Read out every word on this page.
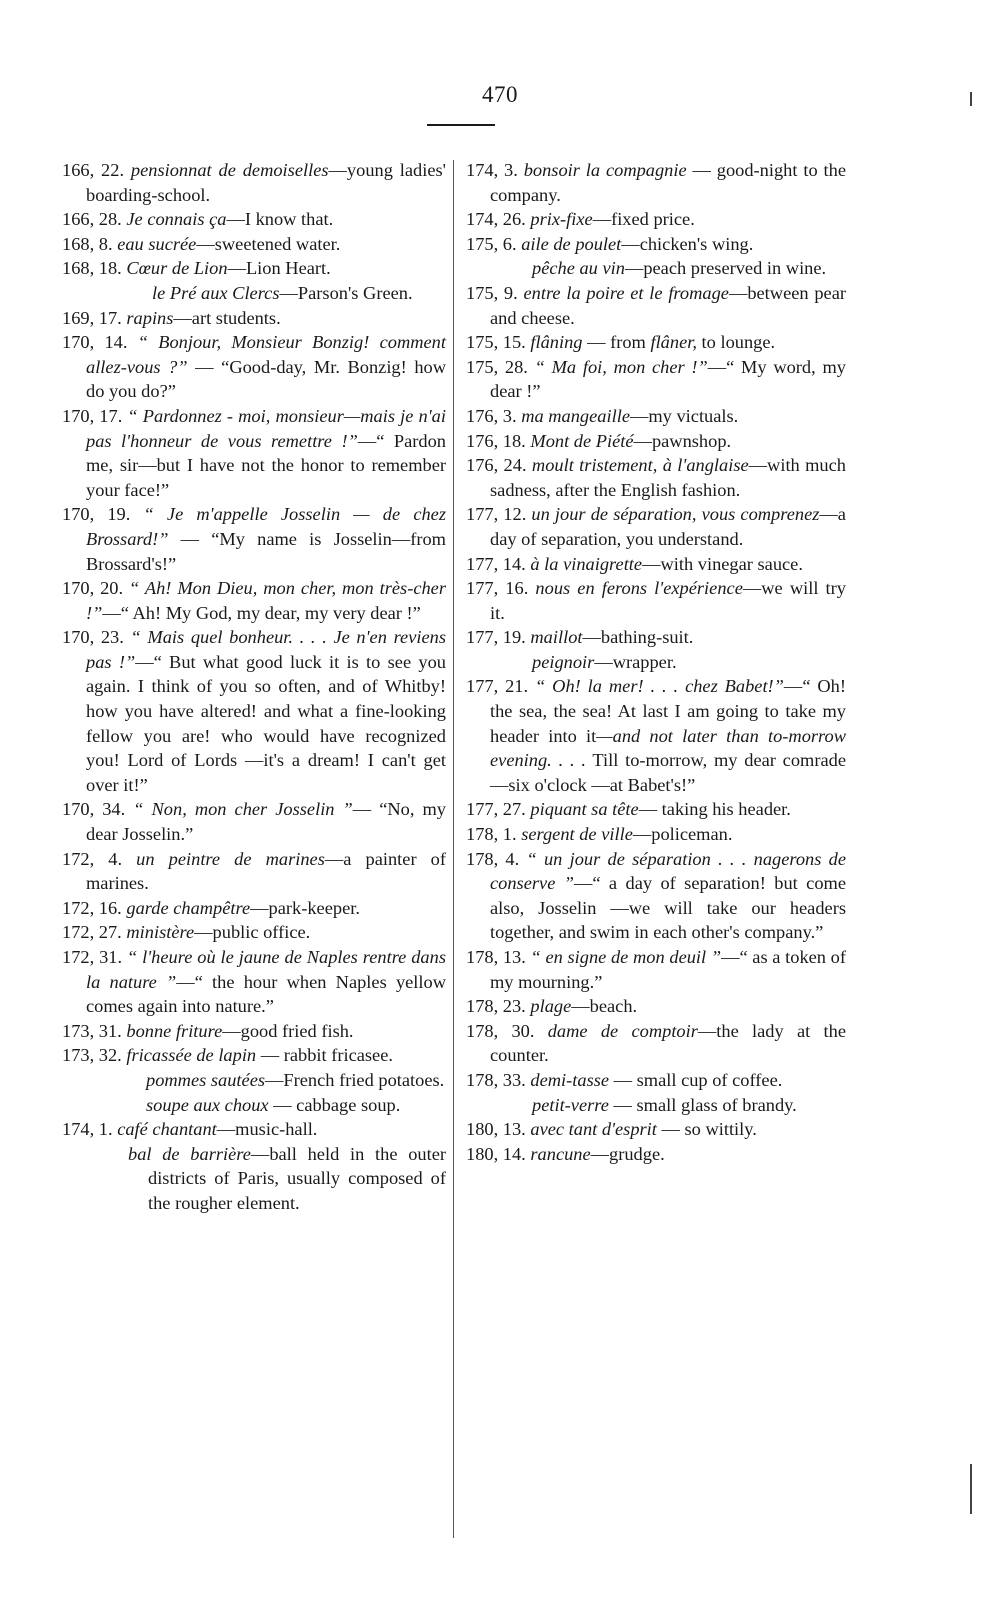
470

166, 22. pensionnat de demoiselles—young ladies' boarding-school.

166, 28. Je connais ça—I know that.

168, 8. eau sucrée—sweetened water.

168, 18. Cœur de Lion—Lion Heart.

le Pré aux Clercs—Parson's Green.

169, 17. rapins—art students.

170, 14. “ Bonjour, Monsieur Bonzig! comment allez-vous ?” — “Good-day, Mr. Bonzig! how do you do?”

170, 17. “ Pardonnez - moi, monsieur—mais je n'ai pas l'honneur de vous remettre !”—“ Pardon me, sir—but I have not the honor to remember your face!”

170, 19. “ Je m'appelle Josselin — de chez Brossard!” — “My name is Josselin—from Brossard's!”

170, 20. “ Ah! Mon Dieu, mon cher, mon très-cher !”—“ Ah! My God, my dear, my very dear !”

170, 23. “ Mais quel bonheur. . . . Je n'en reviens pas !”—“ But what good luck it is to see you again. I think of you so often, and of Whitby! how you have altered! and what a fine-looking fellow you are! who would have recognized you! Lord of Lords —it's a dream! I can't get over it!”

170, 34. “ Non, mon cher Josselin ”— “No, my dear Josselin.”

172, 4. un peintre de marines—a painter of marines.

172, 16. garde champêtre—park-keeper.

172, 27. ministère—public office.

172, 31. “ l'heure où le jaune de Naples rentre dans la nature ”—“ the hour when Naples yellow comes again into nature.”

173, 31. bonne friture—good fried fish.

173, 32. fricassée de lapin — rabbit fricasee.

pommes sautées—French fried potatoes.

soupe aux choux — cabbage soup.

174, 1. café chantant—music-hall.

bal de barrière—ball held in the outer districts of Paris, usually composed of the rougher element.

174, 3. bonsoir la compagnie — good-night to the company.

174, 26. prix-fixe—fixed price.

175, 6. aile de poulet—chicken's wing.

pêche au vin—peach preserved in wine.

175, 9. entre la poire et le fromage—between pear and cheese.

175, 15. flâning — from flâner, to lounge.

175, 28. “ Ma foi, mon cher !”—“ My word, my dear !”

176, 3. ma mangeaille—my victuals.

176, 18. Mont de Piété—pawnshop.

176, 24. moult tristement, à l'anglaise—with much sadness, after the English fashion.

177, 12. un jour de séparation, vous comprenez—a day of separation, you understand.

177, 14. à la vinaigrette—with vinegar sauce.

177, 16. nous en ferons l'expérience—we will try it.

177, 19. maillot—bathing-suit.

peignoir—wrapper.

177, 21. “ Oh! la mer! . . . chez Babet!”—“ Oh! the sea, the sea! At last I am going to take my header into it—and not later than to-morrow evening. . . . Till to-morrow, my dear comrade—six o'clock —at Babet's!”

177, 27. piquant sa tête— taking his header.

178, 1. sergent de ville—policeman.

178, 4. “ un jour de séparation . . . nagerons de conserve ”—“ a day of separation! but come also, Josselin —we will take our headers together, and swim in each other's company.”

178, 13. “ en signe de mon deuil ”—“ as a token of my mourning.”

178, 23. plage—beach.

178, 30. dame de comptoir—the lady at the counter.

178, 33. demi-tasse — small cup of coffee.

petit-verre — small glass of brandy.

180, 13. avec tant d'esprit — so wittily.

180, 14. rancune—grudge.
